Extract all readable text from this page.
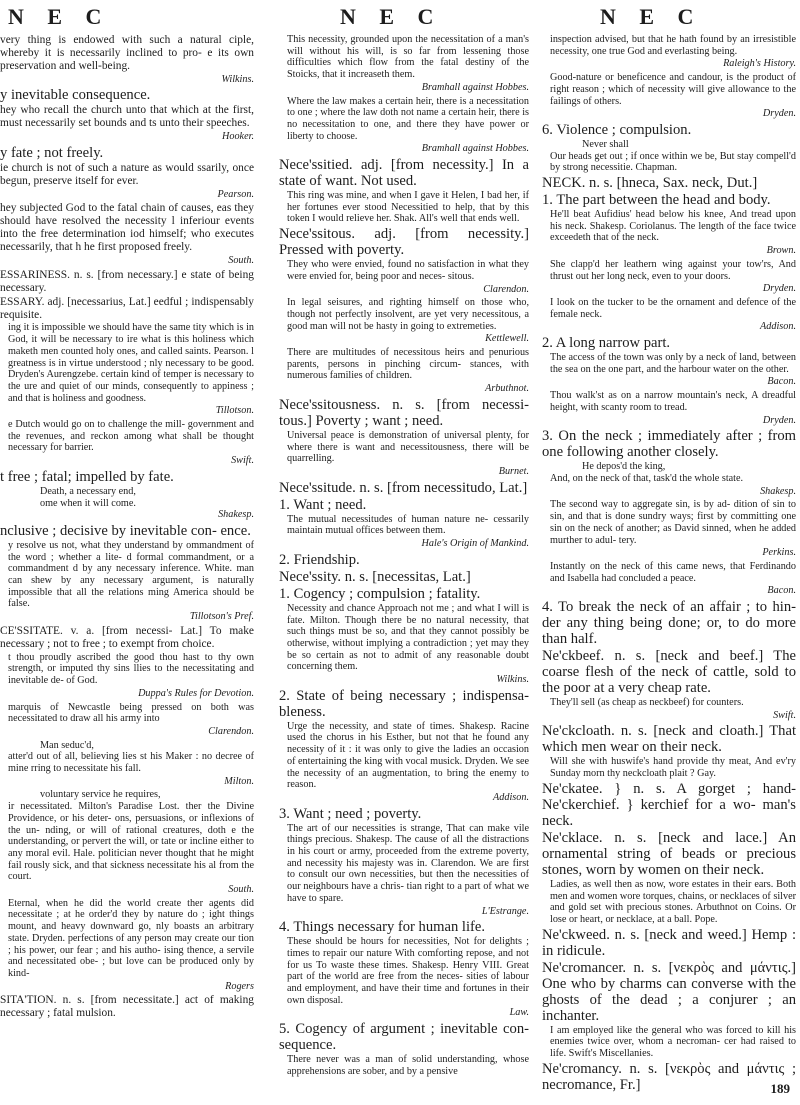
N E C	N E C	N E C
very thing is endowed with such a natural ciple, whereby it is necessarily inclined to pro- e its own preservation and well-being.
Wilkins.
y inevitable consequence.
hey who recall the church unto that which at the first, must necessarily set bounds and ts unto their speeches.
Hooker.
y fate ; not freely.
ie church is not of such a nature as would ssarily, once begun, preserve itself for ever.
Pearson.
hey subjected God to the fatal chain of causes, eas they should have resolved the necessity l inferiour events into the free determination iod himself; who executes necessarily, that h he first proposed freely.
South.
ESSARINESS. n. s. [from necessary.] e state of being necessary.
ESSARY. adj. [necessarius, Lat.] eedful ; indispensably requisite.
ing it is impossible we should have the same tity which is in God, it will be necessary to ire what is this holiness which maketh men counted holy ones, and called saints. Pearson. l greatness is in virtue understood ; nly necessary to be good. Dryden's Aurengzebe. certain kind of temper is necessary to the ure and quiet of our minds, consequently to appiness ; and that is holiness and goodness.
Tillotson.
e Dutch would go on to challenge the mill- government and the revenues, and reckon among what shall be thought necessary for barrier.
Swift.
t free ; fatal; impelled by fate.
Death, a necessary end,
ome when it will come.
Shakesp.
nclusive ; decisive by inevitable con- ence.
y resolve us not, what they understand by ommandment of the word ; whether a lite- d formal commandment, or a commandment d by any necessary inference. White. man can shew by any necessary argument, is naturally impossible that all the relations ming America should be false.
Tillotson's Pref.
CE'SSITATE. v. a. [from necessi- Lat.] To make necessary ; not to free ; to exempt from choice.
t thou proudly ascribed the good thou hast to thy own strength, or imputed thy sins llies to the necessitating and inevitable de- of God.
Duppa's Rules for Devotion.
marquis of Newcastle being pressed on both was necessitated to draw all his army into
Clarendon.
Man seduc'd,
atter'd out of all, believing lies st his Maker : no decree of mine rring to necessitate his fall.
Milton.
voluntary service he requires,
ir necessitated. Milton's Paradise Lost. ther the Divine Providence, or his deter- ons, persuasions, or inflexions of the un- nding, or will of rational creatures, doth e the understanding, or pervert the will, or tate or incline either to any moral evil. Hale. politician never thought that he might fail rously sick, and that sickness necessitate his al from the court.
South.
Eternal, when he did the world create ther agents did necessitate ; at he order'd they by nature do ; ight things mount, and heavy downward go, nly boasts an arbitrary state. Dryden. perfections of any person may create our tion ; his power, our fear ; and his autho- ising thence, a servile and necessitated obe- ; but love can be produced only by kind-
Rogers
SITA'TION. n. s. [from necessitate.] act of making necessary ; fatal mulsion.
This necessity, grounded upon the necessitation of a man's will without his will, is so far from lessening those difficulties which flow from the fatal destiny of the Stoicks, that it increaseth them.
Bramhall against Hobbes.
Where the law makes a certain heir, there is a necessitation to one ; where the law doth not name a certain heir, there is no necessitation to one, and there they have power or liberty to choose.
Bramhall against Hobbes.
Nece'ssitied. adj. [from necessity.] In a state of want. Not used.
This ring was mine, and when I gave it Helen, I bad her, if her fortunes ever stood Necessitied to help, that by this token I would relieve her. Shak. All's well that ends well.
Nece'ssitous. adj. [from necessity.] Pressed with poverty.
They who were envied, found no satisfaction in what they were envied for, being poor and neces- sitous.
Clarendon.
In legal seisures, and righting himself on those who, though not perfectly insolvent, are yet very necessitous, a good man will not be hasty in going to extremeties.
Kettlewell.
There are multitudes of necessitous heirs and penurious parents, persons in pinching circum- stances, with numerous families of children.
Arbuthnot.
Nece'ssitousness. n. s. [from necessi- tous.] Poverty ; want ; need.
Universal peace is demonstration of universal plenty, for where there is want and necessitousness, there will be quarrelling.
Burnet.
Nece'ssitude. n. s. [from necessitudo, Lat.]
1. Want ; need.
The mutual necessitudes of human nature ne- cessarily maintain mutual offices between them.
Hale's Origin of Mankind.
2. Friendship.
Nece'ssity. n. s. [necessitas, Lat.]
1. Cogency ; compulsion ; fatality.
Necessity and chance Approach not me ; and what I will is fate. Milton. Though there be no natural necessity, that such things must be so, and that they cannot possibly be otherwise, without implying a contradiction ; yet may they be so certain as not to admit of any reasonable doubt concerning them.
Wilkins.
2. State of being necessary ; indispensa- bleness.
Urge the necessity, and state of times. Shakesp. Racine used the chorus in his Esther, but not that he found any necessity of it : it was only to give the ladies an occasion of entertaining the king with vocal musick. Dryden. We see the necessity of an augmentation, to bring the enemy to reason.
Addison.
3. Want ; need ; poverty.
The art of our necessities is strange, That can make vile things precious. Shakesp. The cause of all the distractions in his court or army, proceeded from the extreme poverty, and necessity his majesty was in. Clarendon. We are first to consult our own necessities, but then the necessities of our neighbours have a chris- tian right to a part of what we have to spare.
L'Estrange.
4. Things necessary for human life.
These should be hours for necessities, Not for delights ; times to repair our nature With comforting repose, and not for us To waste these times. Shakesp. Henry VIII. Great part of the world are free from the neces- sities of labour and employment, and have their time and fortunes in their own disposal.
Law.
5. Cogency of argument ; inevitable con- sequence.
There never was a man of solid understanding, whose apprehensions are sober, and by a pensive
inspection advised, but that he hath found by an irresistible necessity, one true God and everlasting being.
Raleigh's History.
Good-nature or beneficence and candour, is the product of right reason ; which of necessity will give allowance to the failings of others.
Dryden.
6. Violence ; compulsion.
Never shall
Our heads get out ; if once within we be, But stay compell'd by strong necessitie. Chapman.
NECK. n. s. [hneca, Sax. neck, Dut.]
1. The part between the head and body.
He'll beat Aufidius' head below his knee, And tread upon his neck. Shakesp. Coriolanus. The length of the face twice exceedeth that of the neck.
Brown.
She clapp'd her leathern wing against your tow'rs, And thrust out her long neck, even to your doors.
Dryden.
I look on the tucker to be the ornament and defence of the female neck.
Addison.
2. A long narrow part.
The access of the town was only by a neck of land, between the sea on the one part, and the harbour water on the other.
Bacon.
Thou walk'st as on a narrow mountain's neck, A dreadful height, with scanty room to tread.
Dryden.
3. On the neck ; immediately after ; from one following another closely.
He depos'd the king,
And, on the neck of that, task'd the whole state.
Shakesp.
The second way to aggregate sin, is by ad- dition of sin to sin, and that is done sundry ways; first by committing one sin on the neck of another; as David sinned, when he added murther to adul- tery.
Perkins.
Instantly on the neck of this came news, that Ferdinando and Isabella had concluded a peace.
Bacon.
4. To break the neck of an affair ; to hin- der any thing being done; or, to do more than half.
Ne'ckbeef. n. s. [neck and beef.] The coarse flesh of the neck of cattle, sold to the poor at a very cheap rate.
They'll sell (as cheap as neckbeef) for counters.
Swift.
Ne'ckcloath. n. s. [neck and cloath.] That which men wear on their neck.
Will she with huswife's hand provide thy meat, And ev'ry Sunday morn thy neckcloath plait ? Gay.
Ne'ckatee. } n. s. A gorget ; hand- Ne'ckerchief. } kerchief for a wo- man's neck.
Ne'cklace. n. s. [neck and lace.] An ornamental string of beads or precious stones, worn by women on their neck.
Ladies, as well then as now, wore estates in their ears. Both men and women wore torques, chains, or necklaces of silver and gold set with precious stones. Arbuthnot on Coins. Or lose or heart, or necklace, at a ball. Pope.
Ne'ckweed. n. s. [neck and weed.] Hemp : in ridicule.
Ne'cromancer. n. s. [νεκρὸς and μάντις.] One who by charms can converse with the ghosts of the dead ; a conjurer ; an inchanter.
I am employed like the general who was forced to kill his enemies twice over, whom a necroman- cer had raised to life. Swift's Miscellanies.
Ne'cromancy. n. s. [νεκρὸς and μάντις ; necromance, Fr.]	189
